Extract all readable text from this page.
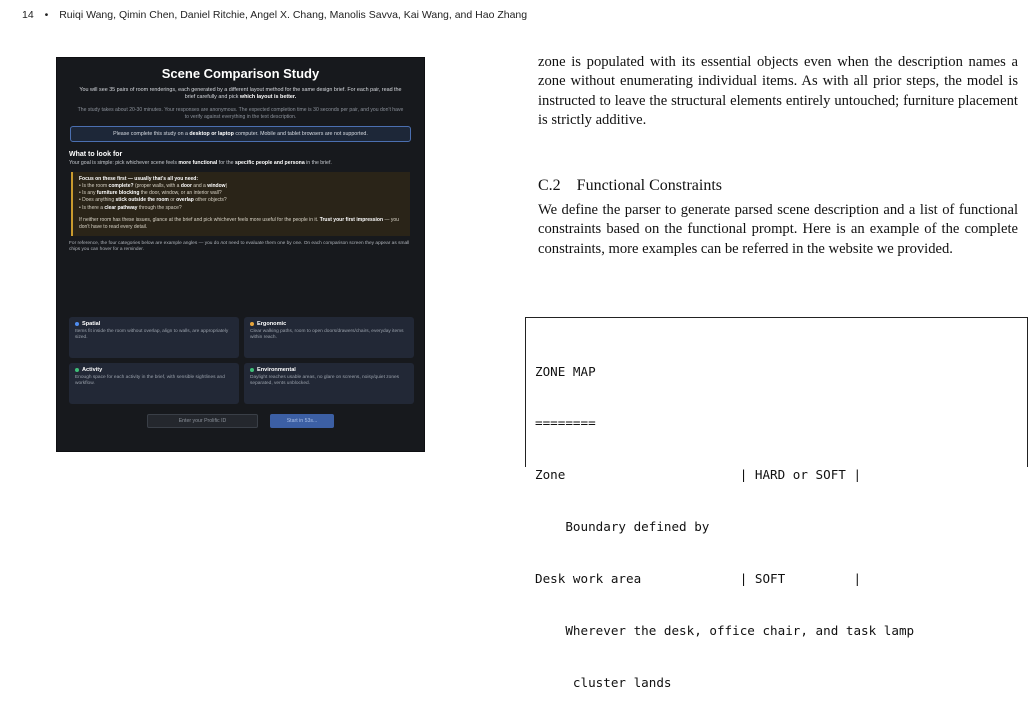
14 • Ruiqi Wang, Qimin Chen, Daniel Ritchie, Angel X. Chang, Manolis Savva, Kai Wang, and Hao Zhang
Scene Comparison Study
You will see 35 pairs of room renderings, each generated by a different layout method for the same design brief. For each pair, read the brief carefully and pick which layout is better.
The study takes about 20-30 minutes. Your responses are anonymous. The expected completion time is 30 seconds per pair, and you don't have to verify against everything in the text description.
Please complete this study on a desktop or laptop computer. Mobile and tablet browsers are not supported.
What to look for
Your goal is simple: pick whichever scene feels more functional for the specific people and persona in the brief.
Focus on these first — usually that's all you need:
• Is the room complete? (proper walls, with a door and a window)
• Is any furniture blocking the door, window, or an interior wall?
• Does anything stick outside the room or overlap other objects?
• Is there a clear pathway through the space?
If neither room has these issues, glance at the brief and pick whichever feels more useful for the people in it. Trust your first impression — you don't have to read every detail.
For reference, the four categories below are example angles — you do not need to evaluate them one by one. On each comparison screen they appear as small chips you can hover for a reminder.
Spatial
Items fit inside the room without overlap, align to walls, are appropriately sized.
Ergonomic
Clear walking paths, room to open doors/drawers/chairs, everyday items within reach.
Activity
Enough space for each activity in the brief, with sensible sightlines and workflow.
Environmental
Daylight reaches usable areas, no glare on screens, noisy/quiet zones separated, vents unblocked.
Enter your Prolific ID
Start in 53s...

zone is populated with its essential objects even when the description names a zone without enumerating individual items. As with all prior steps, the model is instructed to leave the structural elements entirely untouched; furniture placement is strictly additive.

C.2 Functional Constraints

We define the parser to generate parsed scene description and a list of functional constraints based on the functional prompt. Here is an example of the complete constraints, more examples can be referred in the website we provided.

ZONE MAP

========

Zone                       | HARD or SOFT |

Boundary defined by

Desk work area             | SOFT         |

Wherever the desk, office chair, and task lamp

cluster lands
